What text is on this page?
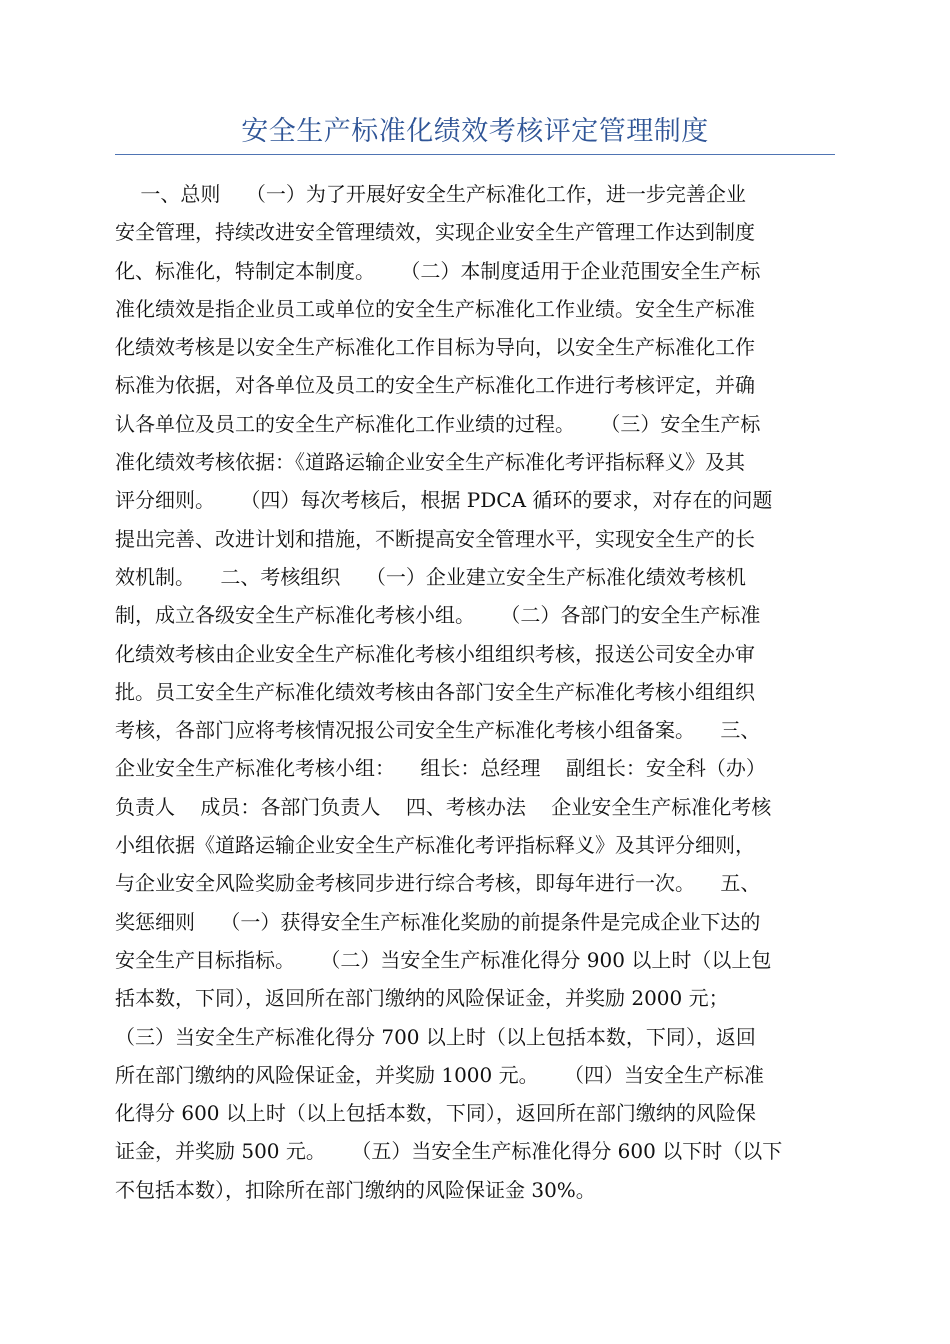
安全生产标准化绩效考核评定管理制度
一、总则    （一）为了开展好安全生产标准化工作，进一步完善企业
安全管理，持续改进安全管理绩效，实现企业安全生产管理工作达到制度
化、标准化，特制定本制度。    （二）本制度适用于企业范围安全生产标
准化绩效是指企业员工或单位的安全生产标准化工作业绩。安全生产标准
化绩效考核是以安全生产标准化工作目标为导向，以安全生产标准化工作
标准为依据，对各单位及员工的安全生产标准化工作进行考核评定，并确
认各单位及员工的安全生产标准化工作业绩的过程。    （三）安全生产标
准化绩效考核依据：《道路运输企业安全生产标准化考评指标释义》及其
评分细则。    （四）每次考核后，根据 PDCA 循环的要求，对存在的问题
提出完善、改进计划和措施，不断提高安全管理水平，实现安全生产的长
效机制。    二、考核组织    （一）企业建立安全生产标准化绩效考核机
制，成立各级安全生产标准化考核小组。    （二）各部门的安全生产标准
化绩效考核由企业安全生产标准化考核小组组织考核，报送公司安全办审
批。员工安全生产标准化绩效考核由各部门安全生产标准化考核小组组织
考核，各部门应将考核情况报公司安全生产标准化考核小组备案。    三、
企业安全生产标准化考核小组：    组长：总经理    副组长：安全科（办）
负责人    成员：各部门负责人    四、考核办法    企业安全生产标准化考核
小组依据《道路运输企业安全生产标准化考评指标释义》及其评分细则，
与企业安全风险奖励金考核同步进行综合考核，即每年进行一次。    五、
奖惩细则    （一）获得安全生产标准化奖励的前提条件是完成企业下达的
安全生产目标指标。    （二）当安全生产标准化得分 900 以上时（以上包
括本数，下同），返回所在部门缴纳的风险保证金，并奖励 2000 元；
（三）当安全生产标准化得分 700 以上时（以上包括本数，下同），返回
所在部门缴纳的风险保证金，并奖励 1000 元。    （四）当安全生产标准
化得分 600 以上时（以上包括本数，下同），返回所在部门缴纳的风险保
证金，并奖励 500 元。    （五）当安全生产标准化得分 600 以下时（以下
不包括本数），扣除所在部门缴纳的风险保证金 30%。
